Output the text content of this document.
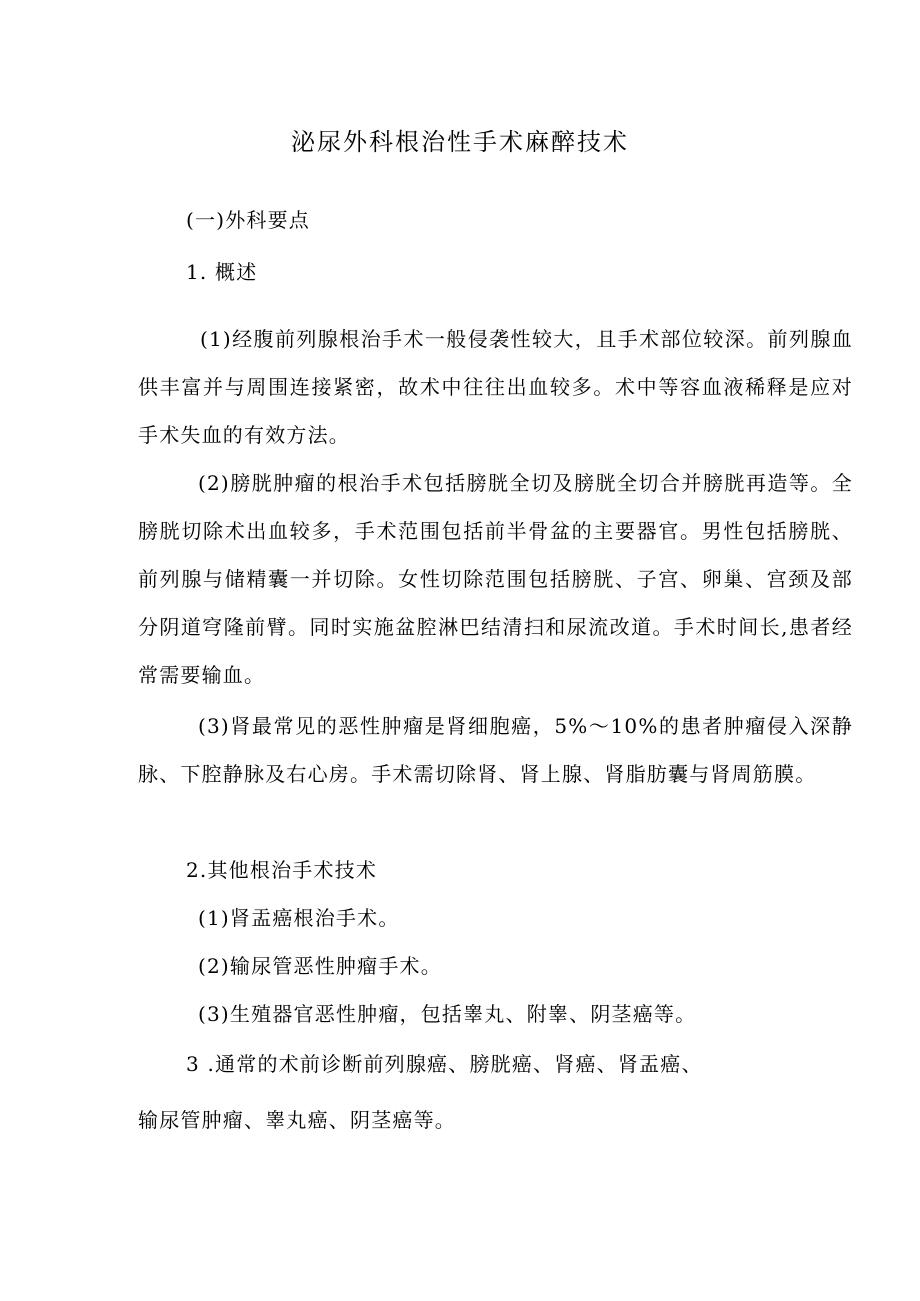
泌尿外科根治性手术麻醉技术
(一)外科要点
1. 概述
(1)经腹前列腺根治手术一般侵袭性较大，且手术部位较深。前列腺血供丰富并与周围连接紧密，故术中往往出血较多。术中等容血液稀释是应对手术失血的有效方法。
(2)膀胱肿瘤的根治手术包括膀胱全切及膀胱全切合并膀胱再造等。全膀胱切除术出血较多，手术范围包括前半骨盆的主要器官。男性包括膀胱、前列腺与储精囊一并切除。女性切除范围包括膀胱、子宫、卵巢、宫颈及部分阴道穹隆前臂。同时实施盆腔淋巴结清扫和尿流改道。手术时间长,患者经常需要输血。
(3)肾最常见的恶性肿瘤是肾细胞癌，5%～10%的患者肿瘤侵入深静脉、下腔静脉及右心房。手术需切除肾、肾上腺、肾脂肪囊与肾周筋膜。
2.其他根治手术技术
(1)肾盂癌根治手术。
(2)输尿管恶性肿瘤手术。
(3)生殖器官恶性肿瘤，包括睾丸、附睾、阴茎癌等。
3 .通常的术前诊断前列腺癌、膀胱癌、肾癌、肾盂癌、
输尿管肿瘤、睾丸癌、阴茎癌等。
